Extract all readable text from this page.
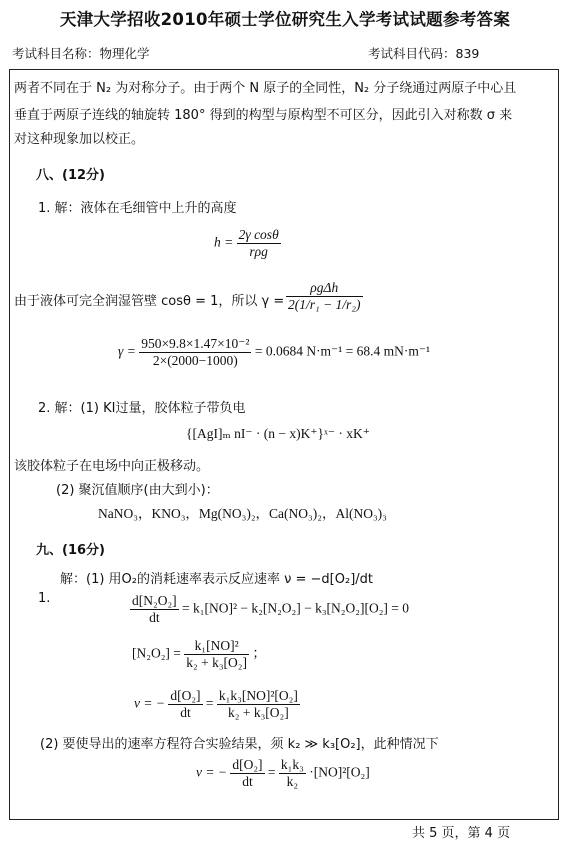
天津大学招收2010年硕士学位研究生入学考试试题参考答案
考试科目名称：物理化学	考试科目代码：839
两者不同在于 N₂ 为对称分子。由于两个 N 原子的全同性，N₂ 分子绕通过两原子中心且
垂直于两原子连线的轴旋转 180° 得到的构型与原构型不可区分，因此引入对称数 σ 来
对这种现象加以校正。
八、(12分)
1. 解：液体在毛细管中上升的高度
$h = \frac{\text{2γ cosθ}}{\text{rρg}}$
由于液体可完全润湿管壁 cosθ = 1，所以 $\gamma = \frac{\text{ρgΔh}}{\text{2(1/r₁ − 1/r₂)}}$
$\gamma = \frac{\text{950×9.8×1.47×10⁻²}}{2\times(2000-1000)} = 0.0684$ N·m⁻¹ = 68.4 mN·m⁻¹
2. 解：(1) KI过量，胶体粒子带负电
{[AgI]ₘ nI⁻ · (n − x)K⁺}ˣ⁻ · xK⁺
该胶体粒子在电场中向正极移动。
(2) 聚沉值顺序(由大到小)：
NaNO₃，KNO₃，Mg(NO₃)₂，Ca(NO₃)₂，Al(NO₃)₃
九、(16分)
解：(1) 用O₂的消耗速率表示反应速率 ν = −d[O₂]/dt
1.	$\frac{\text{d[N₂O₂]}}{dt} = k_1[NO]^2 - k_2[N_2O_2] - k_3[N_2O_2][O_2] = 0$
$[N_2O_2] = \frac{\text{k₁[NO]²}}{\text{k₂ + k₃[O₂]}}$ ；
ν = − $\frac{\text{d[O₂]}}{dt} = \frac{\text{k₁k₃[NO]²[O₂]}}{\text{k₂ + k₃[O₂]}}$
(2) 要使导出的速率方程符合实验结果，须 k₂ ≫ k₃[O₂]，此种情况下
ν = − $\frac{\text{d[O₂]}}{dt} = \frac{\text{k₁k₃}}{\text{k₂}} \cdot[NO]^2[O_2]$
共 5 页，第 4 页
